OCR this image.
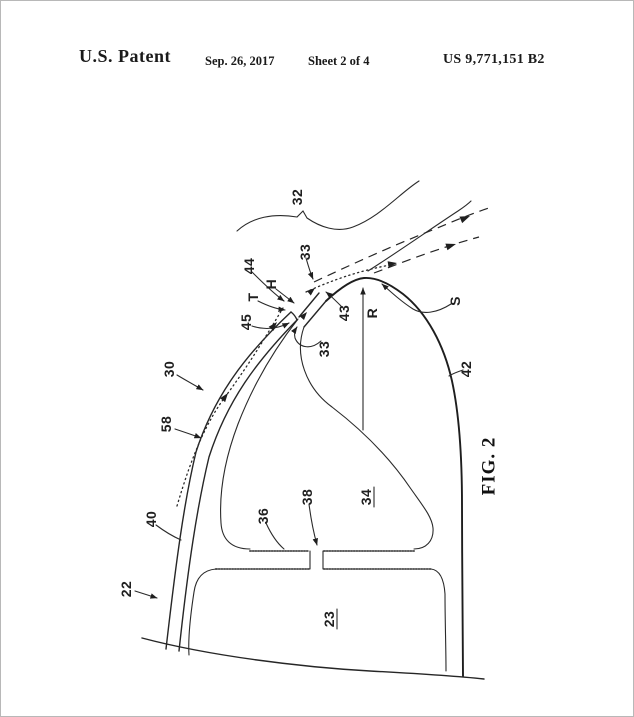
U.S. Patent	Sep. 26, 2017	Sheet 2 of 4	US 9,771,151 B2
32
33
44
H
T
45
43
33
R
S
30
58
42
40
22
36
38	34
23
FIG. 2
